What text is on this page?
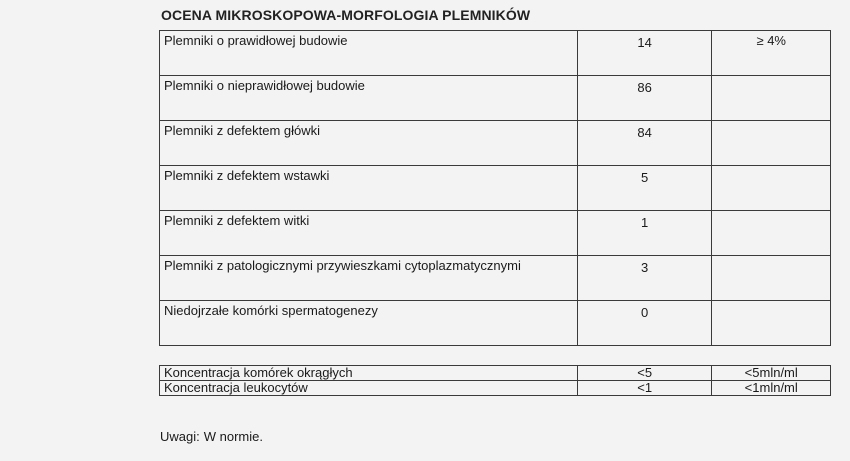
OCENA MIKROSKOPOWA-MORFOLOGIA PLEMNIKÓW
Plemniki o prawidłowej budowie	14	≥ 4%
Plemniki o nieprawidłowej budowie	86	
Plemniki z defektem główki	84	
Plemniki z defektem wstawki	5	
Plemniki z defektem witki	1	
Plemniki z patologicznymi przywieszkami cytoplazmatycznymi	3	
Niedojrzałe komórki spermatogenezy	0	
Koncentracja komórek okrągłych	<5	<5mln/ml
Koncentracja leukocytów	<1	<1mln/ml
Uwagi: W normie.
